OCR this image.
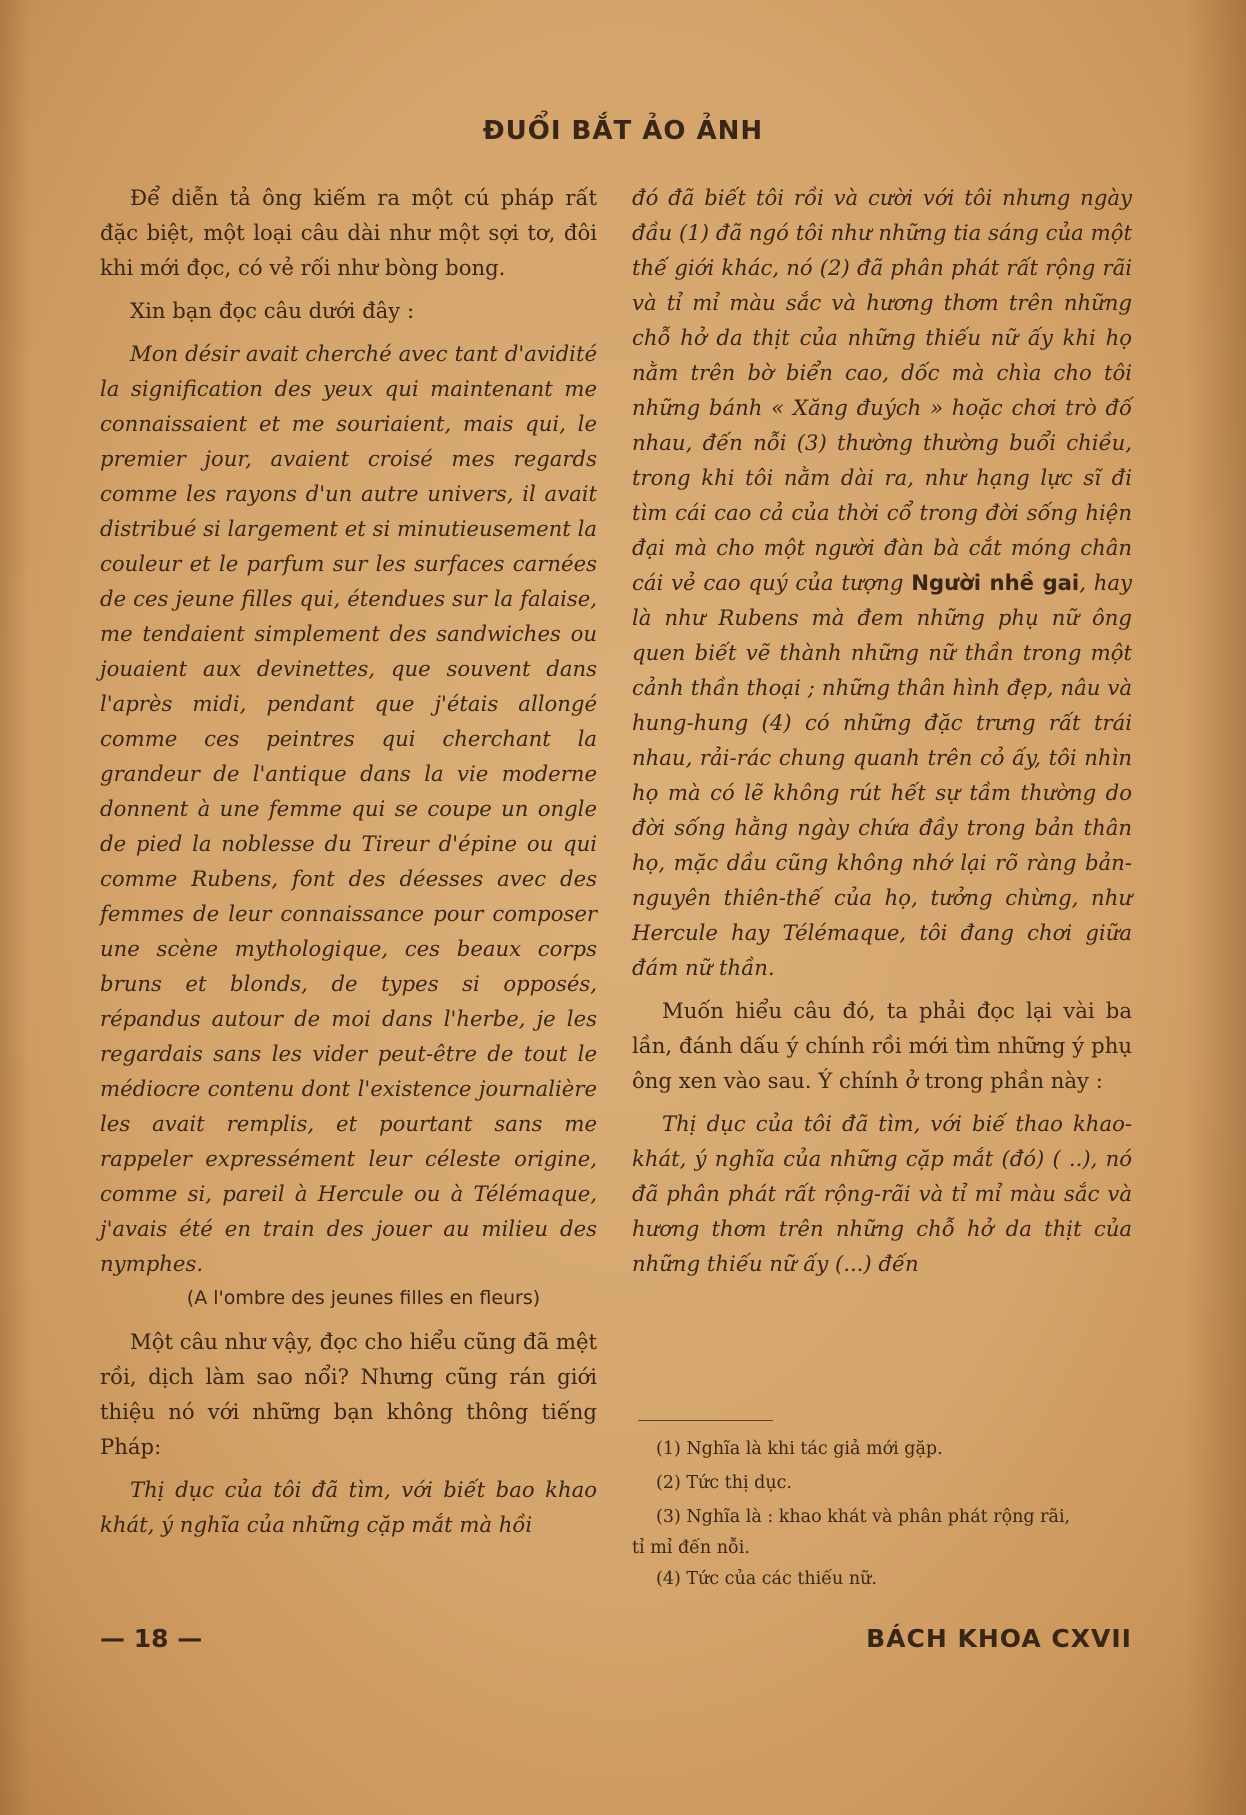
ĐUỔI BẮT ẢO ẢNH

Để diễn tả ông kiếm ra một cú pháp rất đặc biệt, một loại câu dài như một sợi tơ, đôi khi mới đọc, có vẻ rối như bòng bong.

Xin bạn đọc câu dưới đây :

Mon désir avait cherché avec tant d'avidité la signification des yeux qui maintenant me connaissaient et me souriaient, mais qui, le premier jour, avaient croisé mes regards comme les rayons d'un autre univers, il avait distribué si largement et si minutieusement la couleur et le parfum sur les surfaces carnées de ces jeune filles qui, étendues sur la falaise, me tendaient simplement des sandwiches ou jouaient aux devinettes, que souvent dans l'après midi, pendant que j'étais allongé comme ces peintres qui cherchant la grandeur de l'antique dans la vie moderne donnent à une femme qui se coupe un ongle de pied la noblesse du Tireur d'épine ou qui comme Rubens, font des déesses avec des femmes de leur connaissance pour composer une scène mythologique, ces beaux corps bruns et blonds, de types si opposés, répandus autour de moi dans l'herbe, je les regardais sans les vider peut-être de tout le médiocre contenu dont l'existence journalière les avait remplis, et pourtant sans me rappeler expressément leur céleste origine, comme si, pareil à Hercule ou à Télémaque, j'avais été en train des jouer au milieu des nymphes.

(A l'ombre des jeunes filles en fleurs)

Một câu như vậy, đọc cho hiểu cũng đã mệt rồi, dịch làm sao nổi? Nhưng cũng rán giới thiệu nó với những bạn không thông tiếng Pháp:

Thị dục của tôi đã tìm, với biết bao khao khát, ý nghĩa của những cặp mắt mà hồi

đó đã biết tôi rồi và cười với tôi nhưng ngày đầu (1) đã ngó tôi như những tia sáng của một thế giới khác, nó (2) đã phân phát rất rộng rãi và tỉ mỉ màu sắc và hương thơm trên những chỗ hở da thịt của những thiếu nữ ấy khi họ nằm trên bờ biển cao, dốc mà chìa cho tôi những bánh « Xăng đuých » hoặc chơi trò đố nhau, đến nỗi (3) thường thường buổi chiều, trong khi tôi nằm dài ra, như hạng lực sĩ đi tìm cái cao cả của thời cổ trong đời sống hiện đại mà cho một người đàn bà cắt móng chân cái vẻ cao quý của tượng Người nhề gai, hay là như Rubens mà đem những phụ nữ ông quen biết vẽ thành những nữ thần trong một cảnh thần thoại ; những thân hình đẹp, nâu và hung-hung (4) có những đặc trưng rất trái nhau, rải-rác chung quanh trên cỏ ấy, tôi nhìn họ mà có lẽ không rút hết sự tầm thường do đời sống hằng ngày chứa đầy trong bản thân họ, mặc dầu cũng không nhớ lại rõ ràng bản-nguyên thiên-thế của họ, tưởng chừng, như Hercule hay Télémaque, tôi đang chơi giữa đám nữ thần.

Muốn hiểu câu đó, ta phải đọc lại vài ba lần, đánh dấu ý chính rồi mới tìm những ý phụ ông xen vào sau. Ý chính ở trong phần này :

Thị dục của tôi đã tìm, với biế thao khao-khát, ý nghĩa của những cặp mắt (đó) ( ..), nó đã phân phát rất rộng-rãi và tỉ mỉ màu sắc và hương thơm trên những chỗ hở da thịt của những thiếu nữ ấy (...) đến

(1) Nghĩa là khi tác giả mới gặp.
(2) Tức thị dục.
(3) Nghĩa là : khao khát và phân phát rộng rãi,
tỉ mỉ đến nỗi.
(4) Tức của các thiếu nữ.
— 18 —	BÁCH KHOA CXVII
